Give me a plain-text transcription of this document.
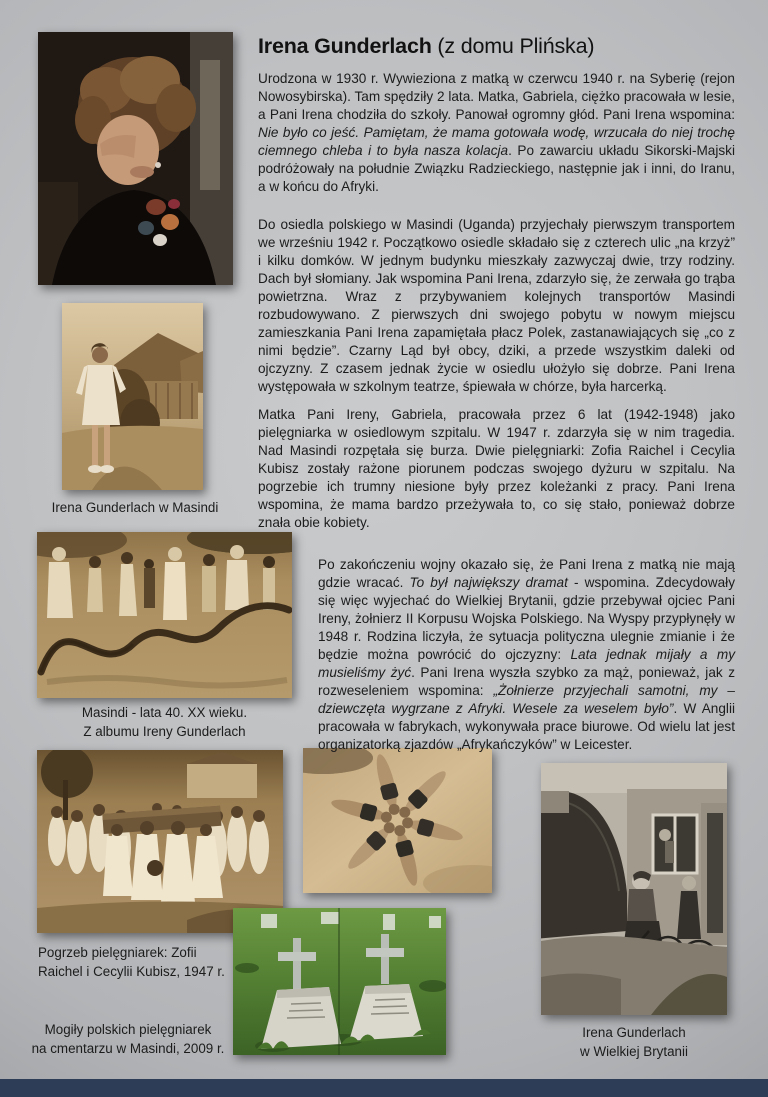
Irena Gunderlach (z domu Plińska)
Urodzona w 1930 r. Wywieziona z matką w czerwcu 1940 r. na Syberię (rejon Nowosybirska). Tam spędziły 2 lata. Matka, Gabriela, ciężko pracowała w lesie, a Pani Irena chodziła do szkoły. Panował ogromny głód. Pani Irena wspomina: Nie było co jeść. Pamiętam, że mama gotowała wodę, wrzucała do niej trochę ciemnego chleba i to była nasza kolacja. Po zawarciu układu Sikorski-Majski podróżowały na południe Związku Radzieckiego, następnie jak i inni, do Iranu, a w końcu do Afryki.
Do osiedla polskiego w Masindi (Uganda) przyjechały pierwszym transportem we wrześniu 1942 r. Początkowo osiedle składało się z czterech ulic „na krzyż” i kilku domków. W jednym budynku mieszkały zazwyczaj dwie, trzy rodziny. Dach był słomiany. Jak wspomina Pani Irena, zdarzyło się, że zerwała go trąba powietrzna. Wraz z przybywaniem kolejnych transportów Masindi rozbudowywano. Z pierwszych dni swojego pobytu w nowym miejscu zamieszkania Pani Irena zapamiętała płacz Polek, zastanawiających się „co z nimi będzie”. Czarny Ląd był obcy, dziki, a przede wszystkim daleki od ojczyzny. Z czasem jednak życie w osiedlu ułożyło się dobrze. Pani Irena występowała w szkolnym teatrze, śpiewała w chórze, była harcerką.
Matka Pani Ireny, Gabriela, pracowała przez 6 lat (1942-1948) jako pielęgniarka w osiedlowym szpitalu. W 1947 r. zdarzyła się w nim tragedia. Nad Masindi rozpętała się burza. Dwie pielęgniarki: Zofia Raichel i Cecylia Kubisz zostały rażone piorunem podczas swojego dyżuru w szpitalu. Na pogrzebie ich trumny niesione były przez koleżanki z pracy. Pani Irena wspomina, że mama bardzo przeżywała to, co się stało, ponieważ dobrze znała obie kobiety.
Po zakończeniu wojny okazało się, że Pani Irena z matką nie mają gdzie wracać. To był największy dramat - wspomina. Zdecydowały się więc wyjechać do Wielkiej Brytanii, gdzie przebywał ojciec Pani Ireny, żołnierz II Korpusu Wojska Polskiego. Na Wyspy przypłynęły w 1948 r. Rodzina liczyła, że sytuacja polityczna ulegnie zmianie i że będzie można powrócić do ojczyzny: Lata jednak mijały a my musieliśmy żyć. Pani Irena wyszła szybko za mąż, ponieważ, jak z rozweseleniem wspomina: „Żołnierze przyjechali samotni, my – dziewczęta wygrzane z Afryki. Wesele za weselem było”. W Anglii pracowała w fabrykach, wykonywała prace biurowe. Od wielu lat jest organizatorką zjazdów „Afrykańczyków” w Leicester.
Irena Gunderlach w Masindi
Masindi - lata 40. XX wieku.
Z albumu Ireny Gunderlach
Pogrzeb pielęgniarek: Zofii
Raichel i Cecylii Kubisz, 1947 r.
Mogiły polskich pielęgniarek
na cmentarzu w Masindi, 2009 r.
Irena Gunderlach
w Wielkiej Brytanii
